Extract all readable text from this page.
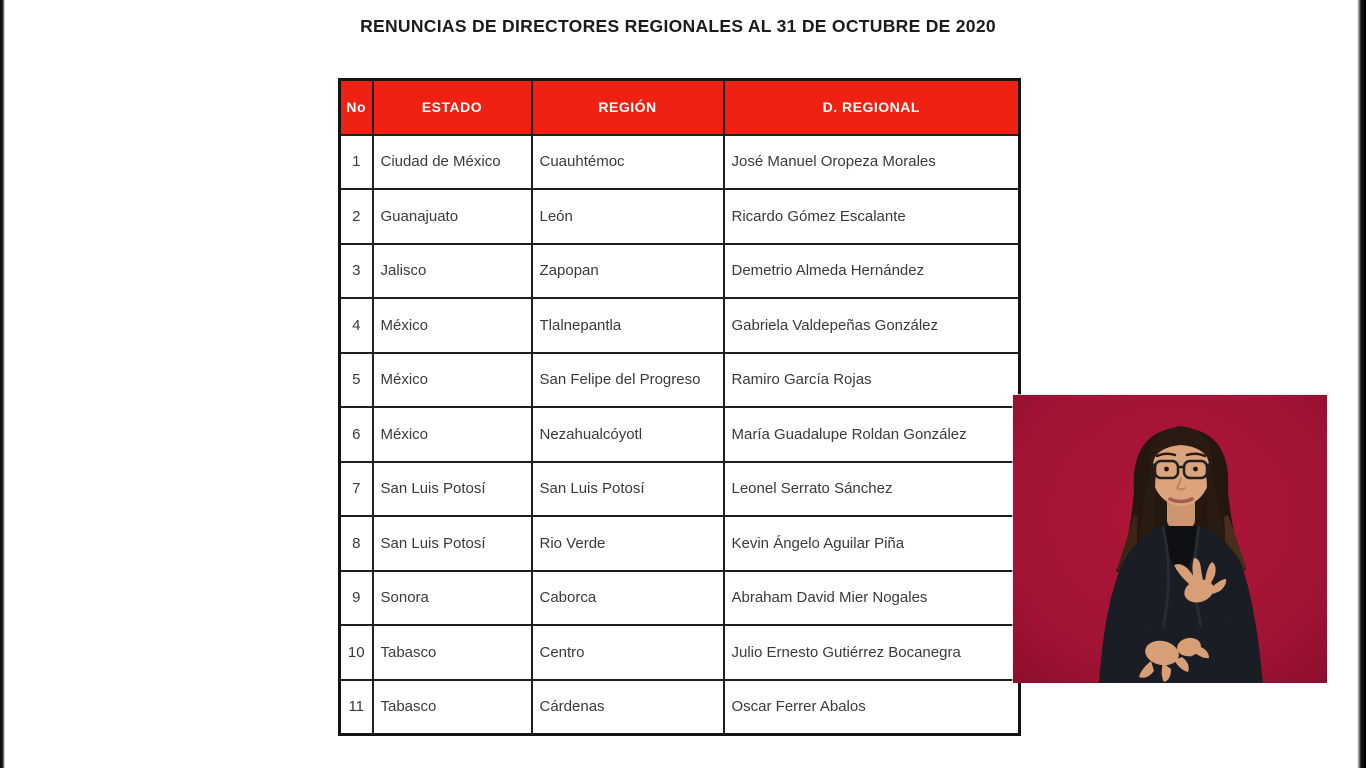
RENUNCIAS DE DIRECTORES REGIONALES AL 31 DE OCTUBRE DE 2020
No	ESTADO	REGIÓN	D. REGIONAL
1	Ciudad de México	Cuauhtémoc	José Manuel Oropeza Morales
2	Guanajuato	León	Ricardo Gómez Escalante
3	Jalisco	Zapopan	Demetrio Almeda Hernández
4	México	Tlalnepantla	Gabriela Valdepeñas González
5	México	San Felipe del Progreso	Ramiro García Rojas
6	México	Nezahualcóyotl	María Guadalupe Roldan González
7	San Luis Potosí	San Luis Potosí	Leonel Serrato Sánchez
8	San Luis Potosí	Rio Verde	Kevin Ángelo Aguilar Piña
9	Sonora	Caborca	Abraham David Mier Nogales
10	Tabasco	Centro	Julio Ernesto Gutiérrez Bocanegra
11	Tabasco	Cárdenas	Oscar Ferrer Abalos
